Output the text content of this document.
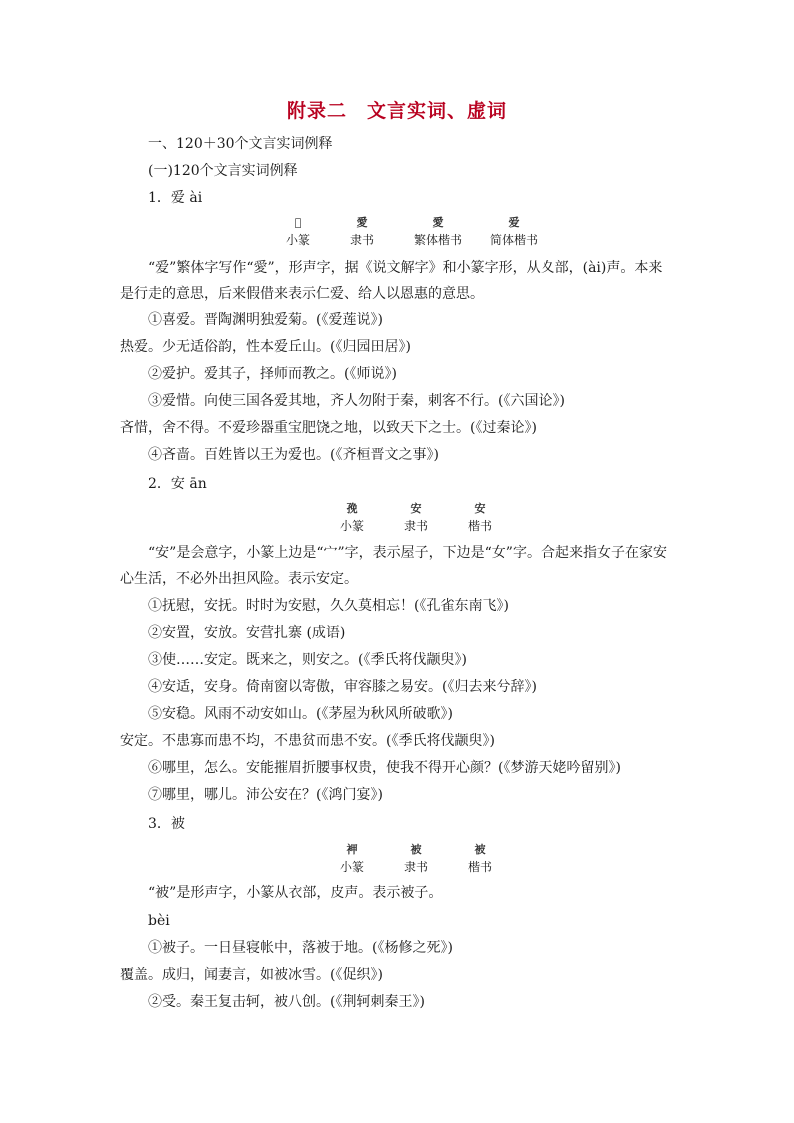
附录二　文言实词、虚词
一、120＋30个文言实词例释
(一)120个文言实词例释
1．爱 ài
𤔽
小篆
愛
隶书
愛
繁体楷书
爱
简体楷书
“爱”繁体字写作“愛”，形声字，据《说文解字》和小篆字形，从夊部，(ài)声。本来是行走的意思，后来假借来表示仁爱、给人以恩惠的意思。
①喜爱。晋陶渊明独爱菊。(《爱莲说》)
热爱。少无适俗韵，性本爱丘山。(《归园田居》)
②爱护。爱其子，择师而教之。(《师说》)
③爱惜。向使三国各爱其地，齐人勿附于秦，刺客不行。(《六国论》)
吝惜，舍不得。不爱珍器重宝肥饶之地，以致天下之士。(《过秦论》)
④吝啬。百姓皆以王为爱也。(《齐桓晋文之事》)
2．安 ān
㝃
小篆
安
隶书
安
楷书
“安”是会意字，小篆上边是“宀”字，表示屋子，下边是“女”字。合起来指女子在家安心生活，不必外出担风险。表示安定。
①抚慰，安抚。时时为安慰，久久莫相忘！(《孔雀东南飞》)
②安置，安放。安营扎寨 (成语)
③使……安定。既来之，则安之。(《季氏将伐颛臾》)
④安适，安身。倚南窗以寄傲，审容膝之易安。(《归去来兮辞》)
⑤安稳。风雨不动安如山。(《茅屋为秋风所破歌》)
安定。不患寡而患不均，不患贫而患不安。(《季氏将伐颛臾》)
⑥哪里，怎么。安能摧眉折腰事权贵，使我不得开心颜？(《梦游天姥吟留别》)
⑦哪里，哪儿。沛公安在？(《鸿门宴》)
3．被
䘥
小篆
被
隶书
被
楷书
“被”是形声字，小篆从衣部，皮声。表示被子。
bèi
①被子。一日昼寝帐中，落被于地。(《杨修之死》)
覆盖。成归，闻妻言，如被冰雪。(《促织》)
②受。秦王复击轲，被八创。(《荆轲刺秦王》)
